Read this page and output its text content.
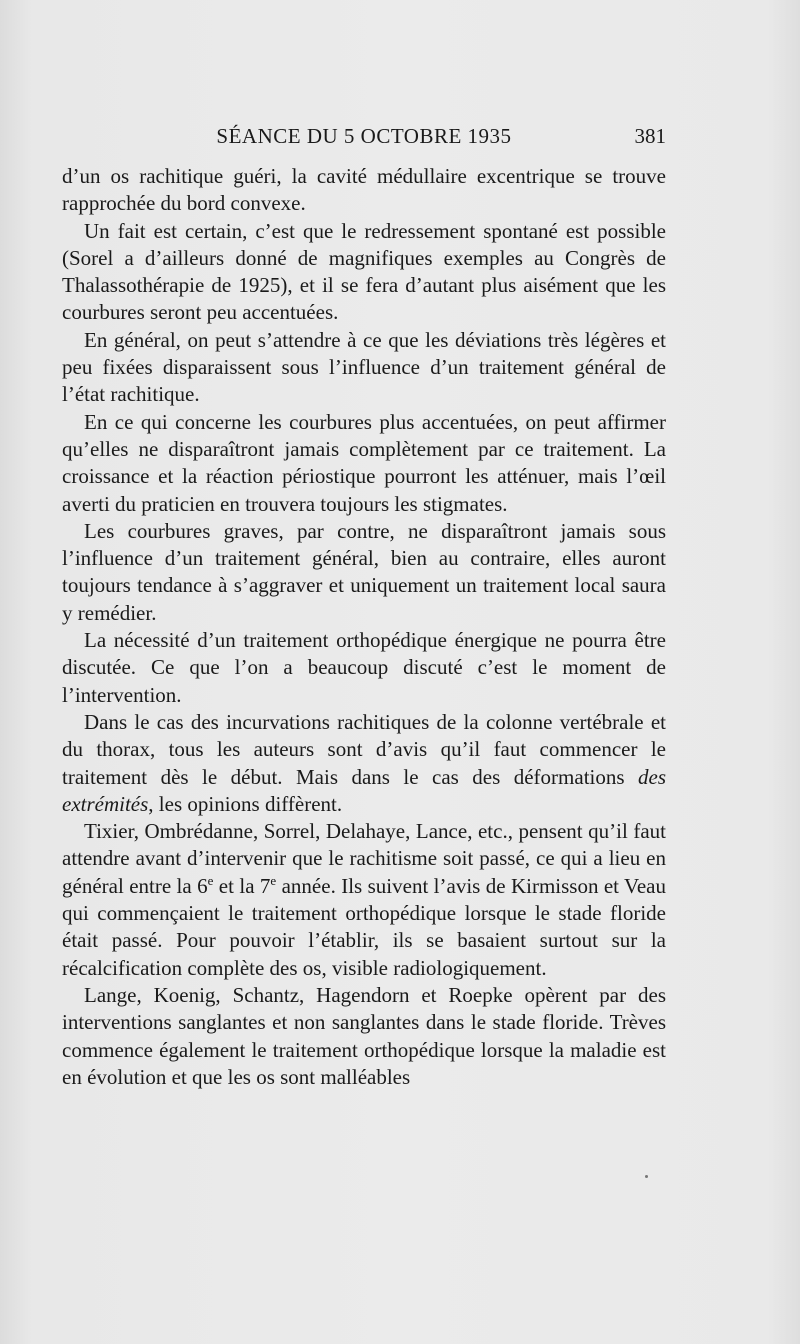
SÉANCE DU 5 OCTOBRE 1935	381

d’un os rachitique guéri, la cavité médullaire excentrique se trouve rapprochée du bord convexe.

Un fait est certain, c’est que le redressement spontané est possible (Sorel a d’ailleurs donné de magnifiques exemples au Congrès de Thalassothérapie de 1925), et il se fera d’autant plus aisément que les courbures seront peu accentuées.

En général, on peut s’attendre à ce que les déviations très légères et peu fixées disparaissent sous l’influence d’un traitement général de l’état rachitique.

En ce qui concerne les courbures plus accentuées, on peut affirmer qu’elles ne disparaîtront jamais complètement par ce traitement. La croissance et la réaction périostique pourront les atténuer, mais l’œil averti du praticien en trouvera toujours les stigmates.

Les courbures graves, par contre, ne disparaîtront jamais sous l’influence d’un traitement général, bien au contraire, elles auront toujours tendance à s’aggraver et uniquement un traitement local saura y remédier.

La nécessité d’un traitement orthopédique énergique ne pourra être discutée. Ce que l’on a beaucoup discuté c’est le moment de l’intervention.

Dans le cas des incurvations rachitiques de la colonne vertébrale et du thorax, tous les auteurs sont d’avis qu’il faut commencer le traitement dès le début. Mais dans le cas des déformations des extrémités, les opinions diffèrent.

Tixier, Ombrédanne, Sorrel, Delahaye, Lance, etc., pensent qu’il faut attendre avant d’intervenir que le rachitisme soit passé, ce qui a lieu en général entre la 6e et la 7e année. Ils suivent l’avis de Kirmisson et Veau qui commençaient le traitement orthopédique lorsque le stade floride était passé. Pour pouvoir l’établir, ils se basaient surtout sur la récalcification complète des os, visible radiologiquement.

Lange, Koenig, Schantz, Hagendorn et Roepke opèrent par des interventions sanglantes et non sanglantes dans le stade floride. Trèves commence également le traitement orthopédique lorsque la maladie est en évolution et que les os sont malléables
